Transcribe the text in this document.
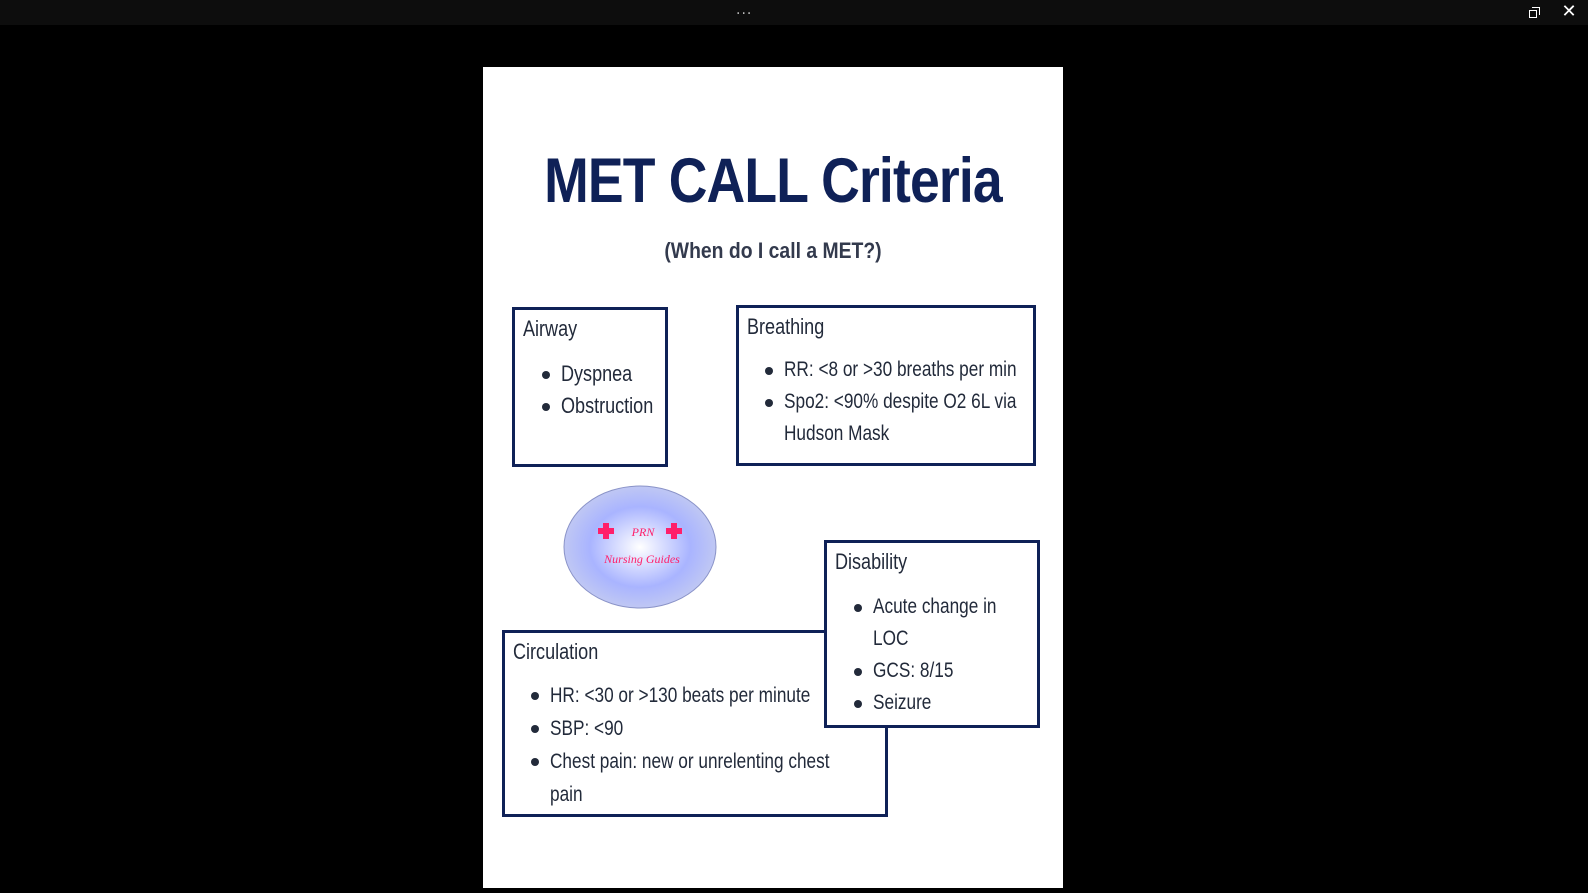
...	✕
MET CALL Criteria
(When do I call a MET?)
Airway
Dyspnea
Obstruction
Breathing
RR: <8 or >30 breaths per min
Spo2: <90% despite O2 6L via Hudson Mask
PRN
Nursing Guides
Circulation
HR: <30 or >130 beats per minute
SBP: <90
Chest pain: new or unrelenting chest pain
Disability
Acute change in LOC
GCS: 8/15
Seizure
